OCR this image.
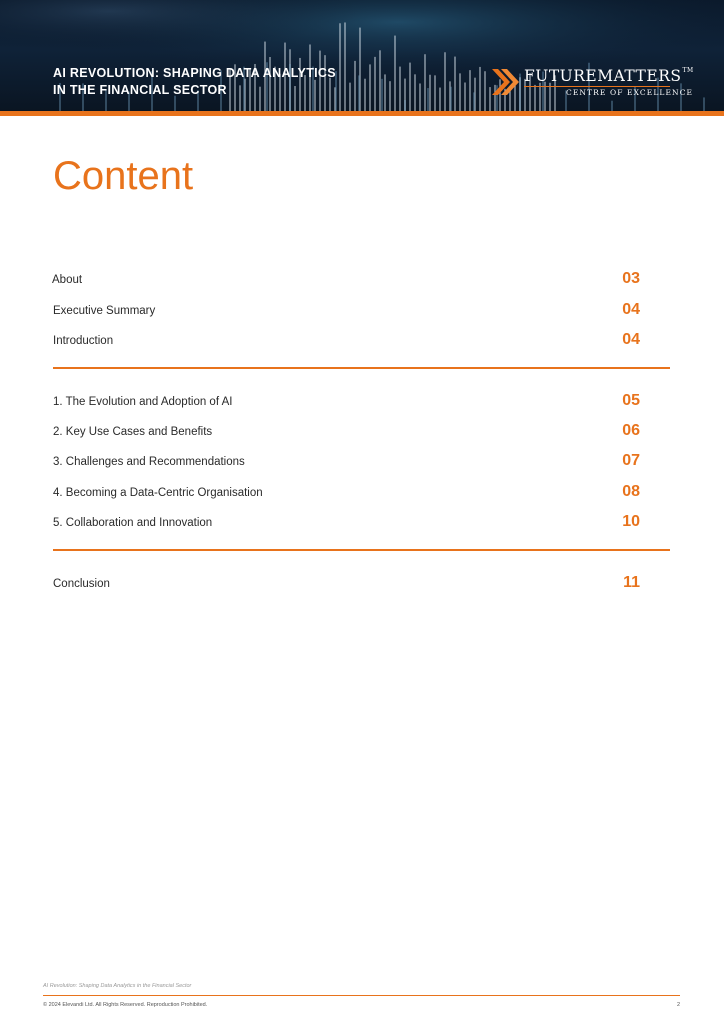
AI REVOLUTION: SHAPING DATA ANALYTICS
IN THE FINANCIAL SECTOR
FUTUREMATTERS™
CENTRE OF EXCELLENCE
Content
About	03
Executive Summary	04
Introduction	04
1. The Evolution and Adoption of AI	05
2. Key Use Cases and Benefits	06
3. Challenges and Recommendations	07
4. Becoming a Data-Centric Organisation	08
5. Collaboration and Innovation	10
Conclusion	11
AI Revolution: Shaping Data Analytics in the Financial Sector
© 2024 Elevandi Ltd. All Rights Reserved. Reproduction Prohibited.	2
